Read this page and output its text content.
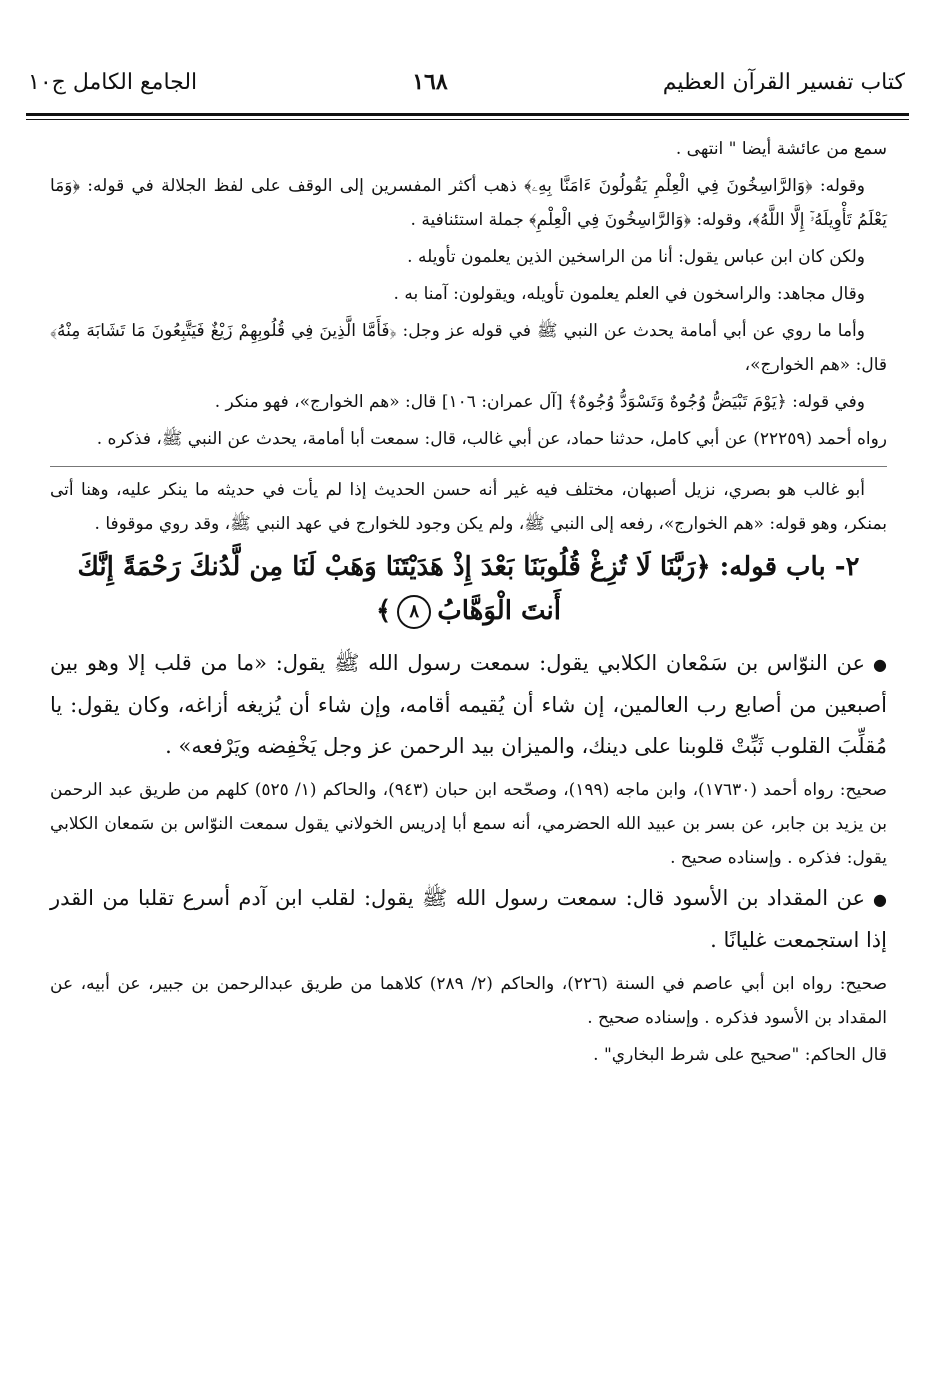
كتاب تفسير القرآن العظيم
١٦٨
الجامع الكامل ج١٠

سمع من عائشة أيضا " انتهى .

وقوله: ﴿وَالرَّاسِخُونَ فِي الْعِلْمِ يَقُولُونَ ءَامَنَّا بِهِۦ﴾ ذهب أكثر المفسرين إلى الوقف على لفظ الجلالة في قوله: ﴿وَمَا يَعْلَمُ تَأْوِيلَهُۥٓ إِلَّا اللَّهُ﴾، وقوله: ﴿وَالرَّاسِخُونَ فِي الْعِلْمِ﴾ جملة استئنافية .

ولكن كان ابن عباس يقول: أنا من الراسخين الذين يعلمون تأويله .

وقال مجاهد: والراسخون في العلم يعلمون تأويله، ويقولون: آمنا به .

وأما ما روي عن أبي أمامة يحدث عن النبي ﷺ في قوله عز وجل: ﴿فَأَمَّا الَّذِينَ فِي قُلُوبِهِمْ زَيْغٌ فَيَتَّبِعُونَ مَا تَشَابَهَ مِنْهُ﴾ قال: «هم الخوارج»،

وفي قوله: ﴿يَوْمَ تَبْيَضُّ وُجُوهٌ وَتَسْوَدُّ وُجُوهٌ﴾ [آل عمران: ١٠٦] قال: «هم الخوارج»، فهو منكر .

رواه أحمد (٢٢٢٥٩) عن أبي كامل، حدثنا حماد، عن أبي غالب، قال: سمعت أبا أمامة، يحدث عن النبي ﷺ، فذكره .

أبو غالب هو بصري، نزيل أصبهان، مختلف فيه غير أنه حسن الحديث إذا لم يأت في حديثه ما ينكر عليه، وهنا أتى بمنكر، وهو قوله: «هم الخوارج»، رفعه إلى النبي ﷺ، ولم يكن وجود للخوارج في عهد النبي ﷺ، وقد روي موقوفا .

٢- باب قوله: ﴿رَبَّنَا لَا تُزِغْ قُلُوبَنَا بَعْدَ إِذْ هَدَيْتَنَا وَهَبْ لَنَا مِن لَّدُنكَ رَحْمَةً إِنَّكَ أَنتَ الْوَهَّابُ٨﴾

●عن النوّاس بن سَمْعان الكلابي يقول: سمعت رسول الله ﷺ يقول: «ما من قلب إلا وهو بين أصبعين من أصابع رب العالمين، إن شاء أن يُقيمه أقامه، وإن شاء أن يُزيغه أزاغه، وكان يقول: يا مُقلِّبَ القلوب ثَبِّتْ قلوبنا على دينك، والميزان بيد الرحمن عز وجل يَخْفِضه ويَرْفعه» .

صحيح: رواه أحمد (١٧٦٣٠)، وابن ماجه (١٩٩)، وصحّحه ابن حبان (٩٤٣)، والحاكم (١/ ٥٢٥) كلهم من طريق عبد الرحمن بن يزيد بن جابر، عن بسر بن عبيد الله الحضرمي، أنه سمع أبا إدريس الخولاني يقول سمعت النوّاس بن سَمعان الكلابي يقول: فذكره . وإسناده صحيح .

●عن المقداد بن الأسود قال: سمعت رسول الله ﷺ يقول: لقلب ابن آدم أسرع تقلبا من القدر إذا استجمعت غليانًا .

صحيح: رواه ابن أبي عاصم في السنة (٢٢٦)، والحاكم (٢/ ٢٨٩) كلاهما من طريق عبدالرحمن بن جبير، عن أبيه، عن المقداد بن الأسود فذكره . وإسناده صحيح .

قال الحاكم: "صحيح على شرط البخاري" .
